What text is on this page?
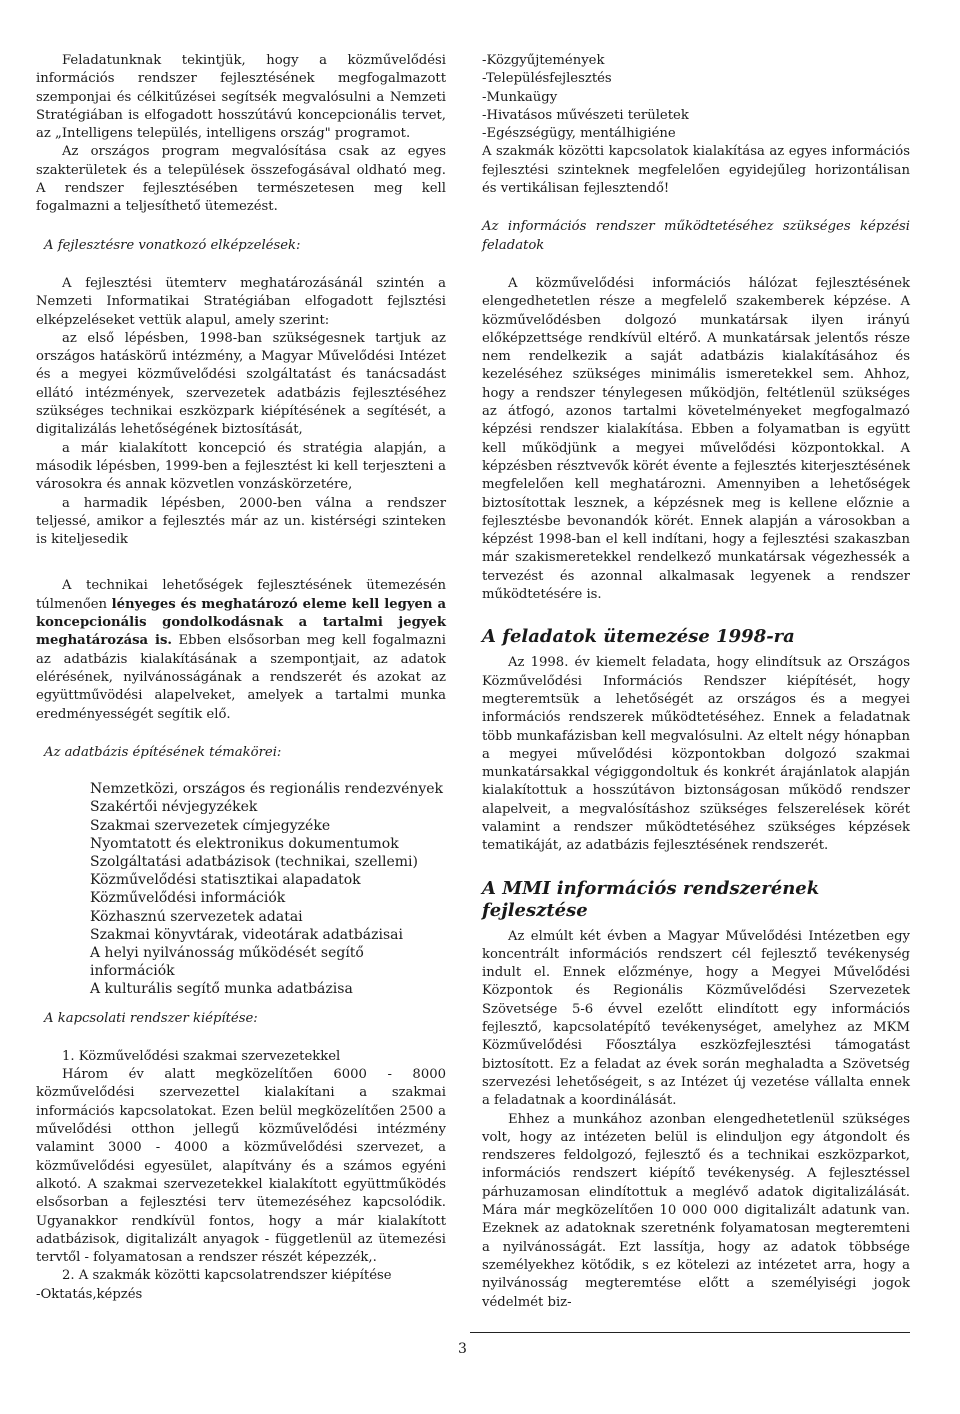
Feladatunknak tekintjük, hogy a közművelődési információs rendszer fejlesztésének megfogalmazott szemponjai és célkitűzései segítsék megvalósulni a Nemzeti Stratégiában is elfogadott hosszútávú koncepcionális tervet, az „Intelligens település, intelligens ország" programot.

Az országos program megvalósítása csak az egyes szakterületek és a települések összefogásával oldható meg. A rendszer fejlesztésében természetesen meg kell fogalmazni a teljesíthető ütemezést.

A fejlesztésre vonatkozó elképzelések:

A fejlesztési ütemterv meghatározásánál szintén a Nemzeti Informatikai Stratégiában elfogadott fejlsztési elképzeléseket vettük alapul, amely szerint:

az első lépésben, 1998-ban szükségesnek tartjuk az országos hatáskörű intézmény, a Magyar Művelődési Intézet és a megyei közművelődési szolgáltatást és tanácsadást ellátó intézmények, szervezetek adatbázis fejlesztéséhez szükséges technikai eszközpark kiépítésének a segítését, a digitalizálás lehetőségének biztosítását,

a már kialakított koncepció és stratégia alapján, a második lépésben, 1999-ben a fejlesztést ki kell terjeszteni a városokra és annak közvetlen vonzáskörzetére,

a harmadik lépésben, 2000-ben válna a rendszer teljessé, amikor a fejlesztés már az un. kistérségi szinteken is kiteljesedik

A technikai lehetőségek fejlesztésének ütemezésén túlmenően lényeges és meghatározó eleme kell legyen a koncepcionális gondolkodásnak a tartalmi jegyek meghatározása is. Ebben elsősorban meg kell fogalmazni az adatbázis kialakításának a szempontjait, az adatok elérésének, nyilvánosságának a rendszerét és azokat az együttművödési alapelveket, amelyek a tartalmi munka eredményességét segítik elő.

Az adatbázis építésének témakörei:

Nemzetközi, országos és regionális rendezvények
Szakértői névjegyzékek
Szakmai szervezetek címjegyzéke
Nyomtatott és elektronikus dokumentumok
Szolgáltatási adatbázisok (technikai, szellemi)
Közművelődési statisztikai alapadatok
Közművelődési információk
Közhasznú szervezetek adatai
Szakmai könyvtárak, videotárak adatbázisai
A helyi nyilvánosság működését segítő információk
A kulturális segítő munka adatbázisa

A kapcsolati rendszer kiépítése:

1. Közművelődési szakmai szervezetekkel

Három év alatt megközelítően 6000 - 8000 közművelődési szervezettel kialakítani a szakmai információs kapcsolatokat. Ezen belül megközelítően 2500 a művelődési otthon jellegű közművelődési intézmény valamint 3000 - 4000 a közművelődési szervezet, a közművelődési egyesület, alapítvány és a számos egyéni alkotó. A szakmai szervezetekkel kialakított együttműködés elsősorban a fejlesztési terv ütemezéséhez kapcsolódik. Ugyanakkor rendkívül fontos, hogy a már kialakított adatbázisok, digitalizált anyagok - függetlenül az ütemezési tervtől - folyamatosan a rendszer részét képezzék,.

2. A szakmák közötti kapcsolatrendszer kiépítése

-Oktatás,képzés

-Közgyűjtemények
-Településfejlesztés
-Munkaügy
-Hivatásos művészeti területek
-Egészségügy, mentálhigiéne

A szakmák közötti kapcsolatok kialakítása az egyes információs fejlesztési szinteknek megfelelően egyidejűleg horizontálisan és vertikálisan fejlesztendő!

Az információs rendszer működtetéséhez szükséges képzési feladatok

A közművelődési információs hálózat fejlesztésének elengedhetetlen része a megfelelő szakemberek képzése. A közművelődésben dolgozó munkatársak ilyen irányú előképzettsége rendkívül eltérő. A munkatársak jelentős része nem rendelkezik a saját adatbázis kialakításához és kezeléséhez szükséges minimális ismeretekkel sem. Ahhoz, hogy a rendszer ténylegesen működjön, feltétlenül szükséges az átfogó, azonos tartalmi követelményeket megfogalmazó képzési rendszer kialakítása. Ebben a folyamatban is együtt kell működjünk a megyei művelődési központokkal. A képzésben résztvevők körét évente a fejlesztés kiterjesztésének megfelelően kell meghatározni. Amennyiben a lehetőségek biztosítottak lesznek, a képzésnek meg is kellene előznie a fejlesztésbe bevonandók körét. Ennek alapján a városokban a képzést 1998-ban el kell indítani, hogy a fejlesztési szakaszban már szakismeretekkel rendelkező munkatársak végezhessék a tervezést és azonnal alkalmasak legyenek a rendszer működtetésére is.

A feladatok ütemezése 1998-ra

Az 1998. év kiemelt feladata, hogy elindítsuk az Országos Közművelődési Információs Rendszer kiépítését, hogy megteremtsük a lehetőségét az országos és a megyei információs rendszerek működtetéséhez. Ennek a feladatnak több munkafázisban kell megvalósulni. Az eltelt négy hónapban a megyei művelődési központokban dolgozó szakmai munkatársakkal végiggondoltuk és konkrét árajánlatok alapján kialakítottuk a hosszútávon biztonságosan működő rendszer alapelveit, a megvalósításhoz szükséges felszerelések körét valamint a rendszer működtetéséhez szükséges képzések tematikáját, az adatbázis fejlesztésének rendszerét.

A MMI információs rendszerének fejlesztése

Az elmúlt két évben a Magyar Művelődési Intézetben egy koncentrált információs rendszert cél fejlesztő tevékenység indult el. Ennek előzménye, hogy a Megyei Művelődési Központok és Regionális Közművelődési Szervezetek Szövetsége 5-6 évvel ezelőtt elindított egy információs fejlesztő, kapcsolatépítő tevékenységet, amelyhez az MKM Közművelődési Főosztálya eszközfejlesztési támogatást biztosított. Ez a feladat az évek során meghaladta a Szövetség szervezési lehetőségeit, s az Intézet új vezetése vállalta ennek a feladatnak a koordinálását.

Ehhez a munkához azonban elengedhetetlenül szükséges volt, hogy az intézeten belül is elinduljon egy átgondolt és rendszeres feldolgozó, fejlesztő és a technikai eszközparkot, információs rendszert kiépítő tevékenység. A fejlesztéssel párhuzamosan elindítottuk a meglévő adatok digitalizálását. Mára már megközelítően 10 000 000 digitalizált adatunk van. Ezeknek az adatoknak szeretnénk folyamatosan megteremteni a nyilvánosságát. Ezt lassítja, hogy az adatok többsége személyekhez kötődik, s ez kötelezi az intézetet arra, hogy a nyilvánosság megteremtése előtt a személyiségi jogok védelmét biz-

3
